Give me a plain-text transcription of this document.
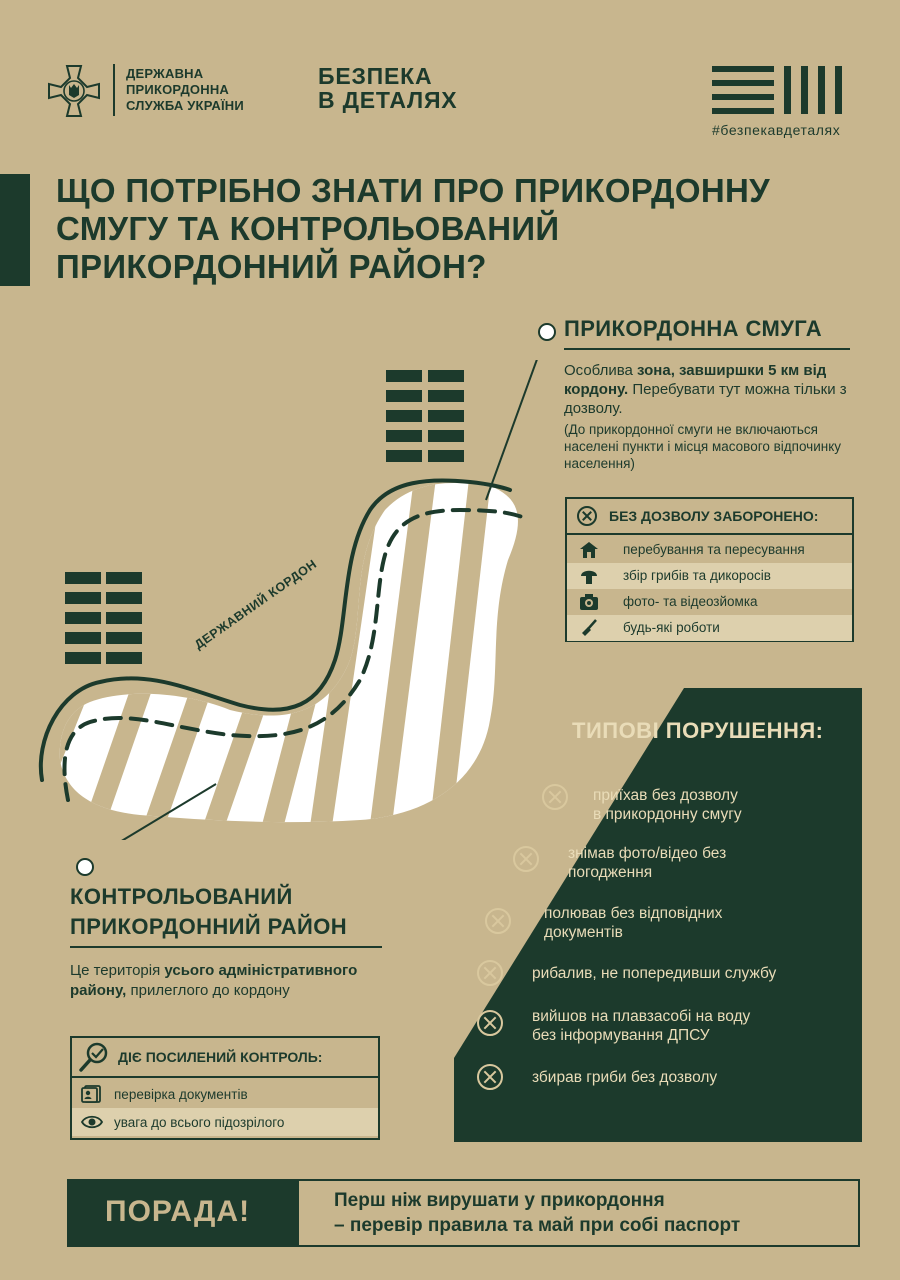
ДЕРЖАВНА
ПРИКОРДОННА
СЛУЖБА УКРАЇНИ
БЕЗПЕКА
В ДЕТАЛЯХ
#безпекавдеталях
ЩО ПОТРІБНО ЗНАТИ ПРО ПРИКОРДОННУ
СМУГУ ТА КОНТРОЛЬОВАНИЙ
ПРИКОРДОННИЙ РАЙОН?
ДЕРЖАВНИЙ КОРДОН
ПРИКОРДОННА СМУГА
Особлива зона, завширшки 5 км від кордону. Перебувати тут можна тільки з дозволу.
(До прикордонної смуги не включаються населені пункти і місця масового відпочинку населення)
БЕЗ ДОЗВОЛУ ЗАБОРОНЕНО:
перебування та пересування
збір грибів та дикоросів
фото- та відеозйомка
будь-які роботи
КОНТРОЛЬОВАНИЙ
ПРИКОРДОННИЙ РАЙОН
Це територія усього адміністративного району, прилеглого до кордону
ДІЄ ПОСИЛЕНИЙ КОНТРОЛЬ:
перевірка документів
увага до всього підозрілого
ТИПОВІ ПОРУШЕННЯ:
приїхав без дозволу
в прикордонну смугу
знімав фото/відео без
погодження
полював без відповідних
документів
рибалив, не попередивши службу
вийшов на плавзасобі на воду
без інформування ДПСУ
збирав гриби без дозволу
ПОРАДА!	Перш ніж вирушати у прикордоння
– перевір правила та май при собі паспорт
